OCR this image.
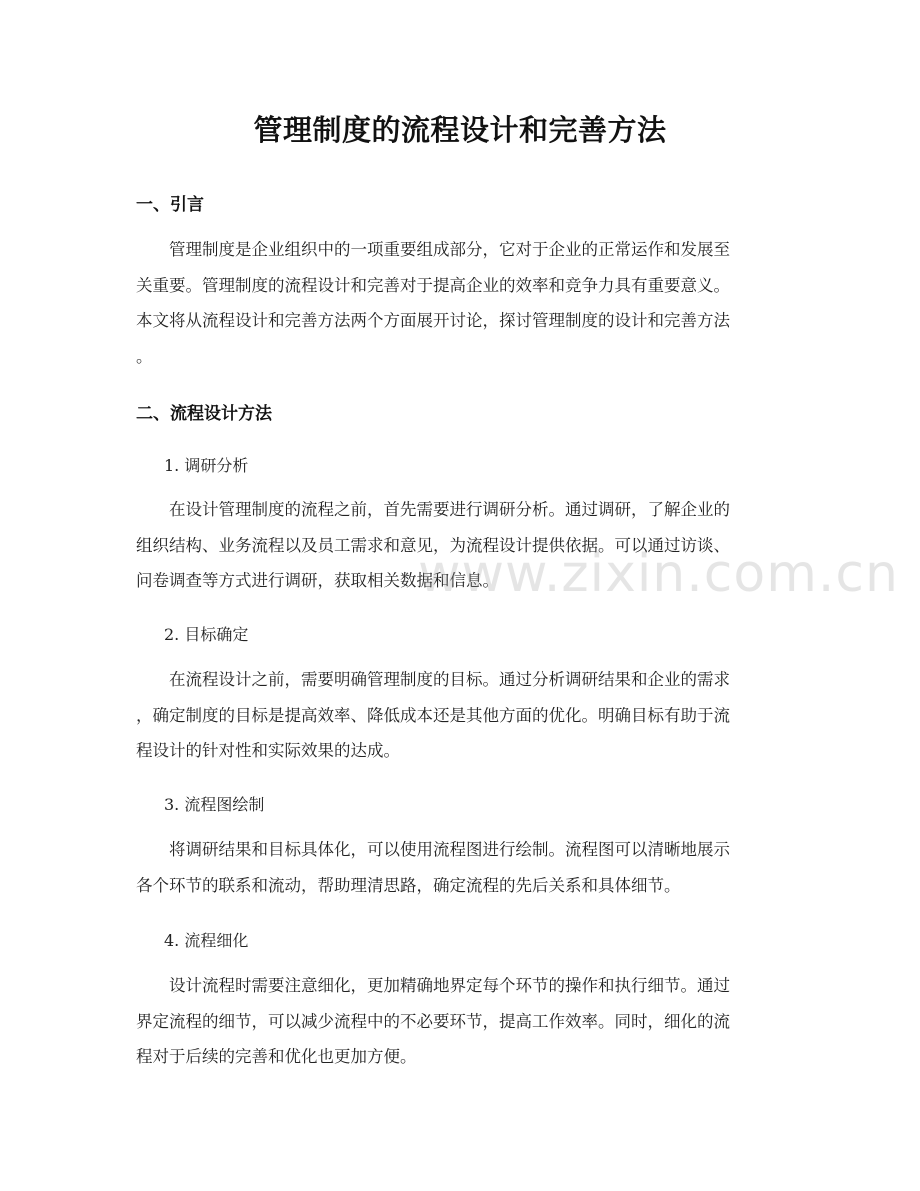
管理制度的流程设计和完善方法
一、引言
管理制度是企业组织中的一项重要组成部分，它对于企业的正常运作和发展至
关重要。管理制度的流程设计和完善对于提高企业的效率和竞争力具有重要意义。
本文将从流程设计和完善方法两个方面展开讨论，探讨管理制度的设计和完善方法
。
二、流程设计方法
1. 调研分析
在设计管理制度的流程之前，首先需要进行调研分析。通过调研，了解企业的
组织结构、业务流程以及员工需求和意见，为流程设计提供依据。可以通过访谈、
问卷调查等方式进行调研，获取相关数据和信息。
2. 目标确定
在流程设计之前，需要明确管理制度的目标。通过分析调研结果和企业的需求
，确定制度的目标是提高效率、降低成本还是其他方面的优化。明确目标有助于流
程设计的针对性和实际效果的达成。
3. 流程图绘制
将调研结果和目标具体化，可以使用流程图进行绘制。流程图可以清晰地展示
各个环节的联系和流动，帮助理清思路，确定流程的先后关系和具体细节。
4. 流程细化
设计流程时需要注意细化，更加精确地界定每个环节的操作和执行细节。通过
界定流程的细节，可以减少流程中的不必要环节，提高工作效率。同时，细化的流
程对于后续的完善和优化也更加方便。
www.zixin.com.cn
